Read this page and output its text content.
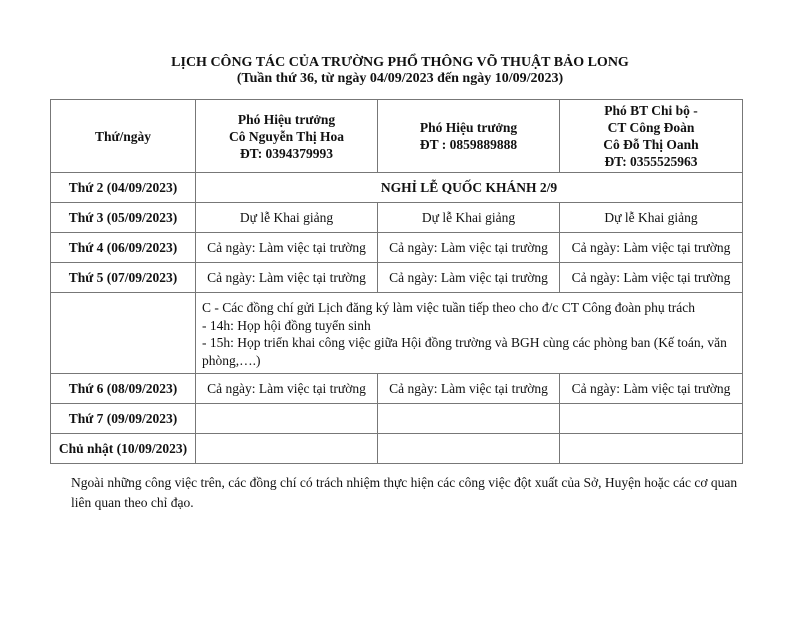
LỊCH CÔNG TÁC CỦA TRƯỜNG PHỔ THÔNG VÕ THUẬT BẢO LONG
(Tuần thứ 36, từ ngày 04/09/2023 đến ngày 10/09/2023)
Thứ/ngày

Phó Hiệu trưởng
Cô Nguyễn Thị Hoa
ĐT: 0394379993

Phó Hiệu trưởng
ĐT : 0859889888

Phó BT Chi bộ -
CT Công Đoàn
Cô Đỗ Thị Oanh
ĐT: 0355525963

Thứ 2 (04/09/2023)	NGHỈ LỄ QUỐC KHÁNH 2/9		
Thứ 3 (05/09/2023)	Dự lễ Khai giảng	Dự lễ Khai giảng	Dự lễ Khai giảng
Thứ 4 (06/09/2023)	Cả ngày: Làm việc tại trường	Cả ngày: Làm việc tại trường	Cả ngày: Làm việc tại trường
Thứ 5 (07/09/2023)	Cả ngày: Làm việc tại trường	Cả ngày: Làm việc tại trường	Cả ngày: Làm việc tại trường

	C - Các đồng chí gửi Lịch đăng ký làm việc tuần tiếp theo cho đ/c CT Công đoàn phụ trách
- 14h: Họp hội đồng tuyển sinh
- 15h: Họp triển khai công việc giữa Hội đồng trường và BGH cùng các phòng ban (Kế toán, văn phòng,….)		

Thứ 6 (08/09/2023)	Cả ngày: Làm việc tại trường	Cả ngày: Làm việc tại trường	Cả ngày: Làm việc tại trường
Thứ 7 (09/09/2023)			
Chủ nhật (10/09/2023)			
Ngoài những công việc trên, các đồng chí có trách nhiệm thực hiện các công việc đột xuất của Sở, Huyện hoặc các cơ quan liên quan theo chỉ đạo.
